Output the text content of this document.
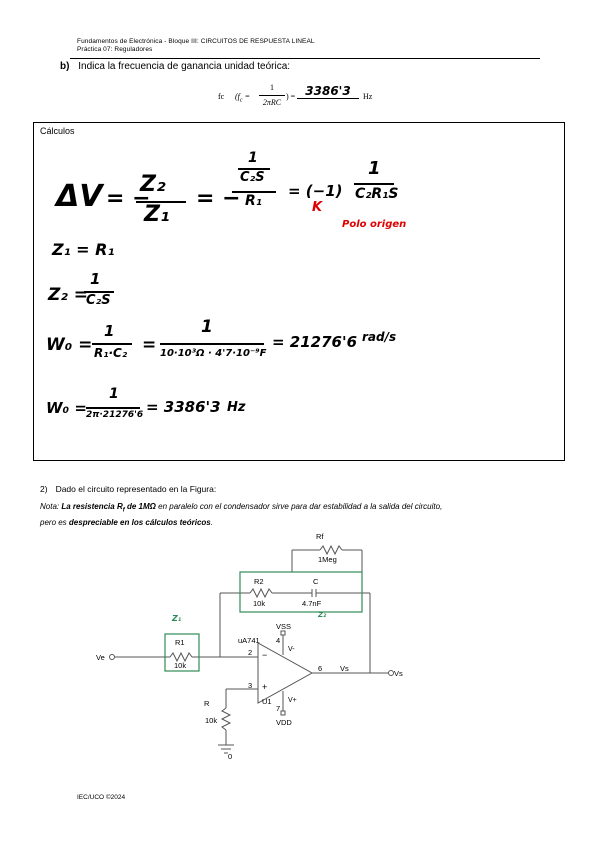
Fundamentos de Electrónica - Bloque III: CIRCUITOS DE RESPUESTA LINEAL
Práctica 07: Reguladores
b) Indica la frecuencia de ganancia unidad teórica:
fc ($f_c$ =
1
2πRC
) = 3386'3	Hz
Cálculos
ΔV = −
Z₂
Z₁
= −
1
C₂S
R₁
= (−1)
1
C₂R₁S
K
Polo origen
Z₁ = R₁
Z₂ =
1
C₂S
W₀ =
1
R₁·C₂ =
1
10·10³Ω · 4'7·10⁻⁹F
= 21276'6 rad/s
W₀ =
1
2π·21276'6 = 3386'3 Hz
2) Dado el circuito representado en la Figura:
Nota: La resistencia $R_f$ de 1MΩ en paralelo con el condensador sirve para dar estabilidad a la salida del circuito,
pero es despreciable en los cálculos teóricos.
Rf
1Meg
R2
10k
C
4.7nF
Z₂
Z₁
R1
10k
uA741
U1
VSS
VDD
V-
V+
2
3
4
6
7
−
+
R
10k
0
Ve
Vs
Vs
IEC/UCO ©2024
